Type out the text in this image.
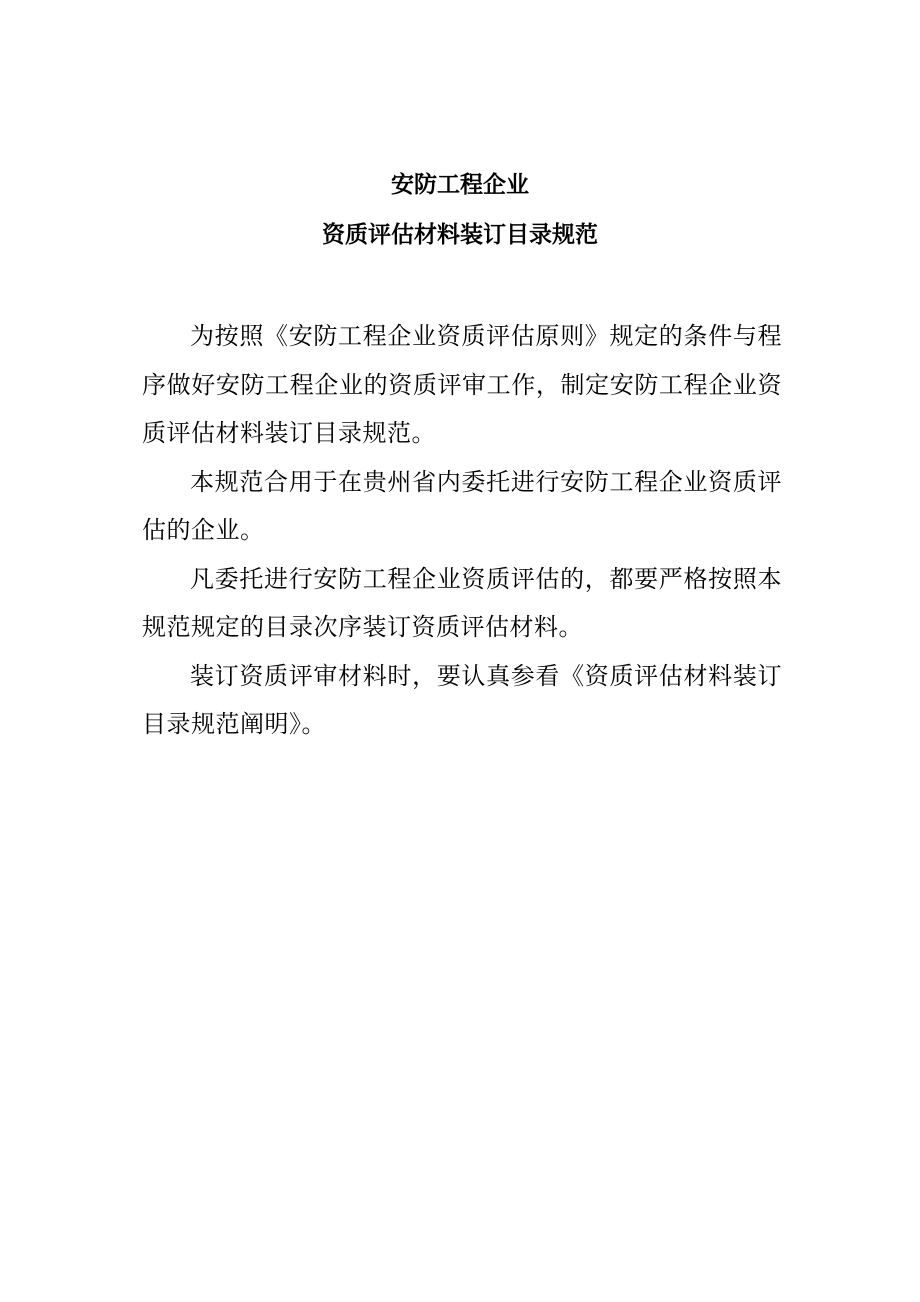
安防工程企业
资质评估材料装订目录规范

为按照《安防工程企业资质评估原则》规定的条件与程序做好安防工程企业的资质评审工作，制定安防工程企业资质评估材料装订目录规范。

本规范合用于在贵州省内委托进行安防工程企业资质评估的企业。

凡委托进行安防工程企业资质评估的，都要严格按照本规范规定的目录次序装订资质评估材料。

装订资质评审材料时，要认真参看《资质评估材料装订目录规范阐明》。
